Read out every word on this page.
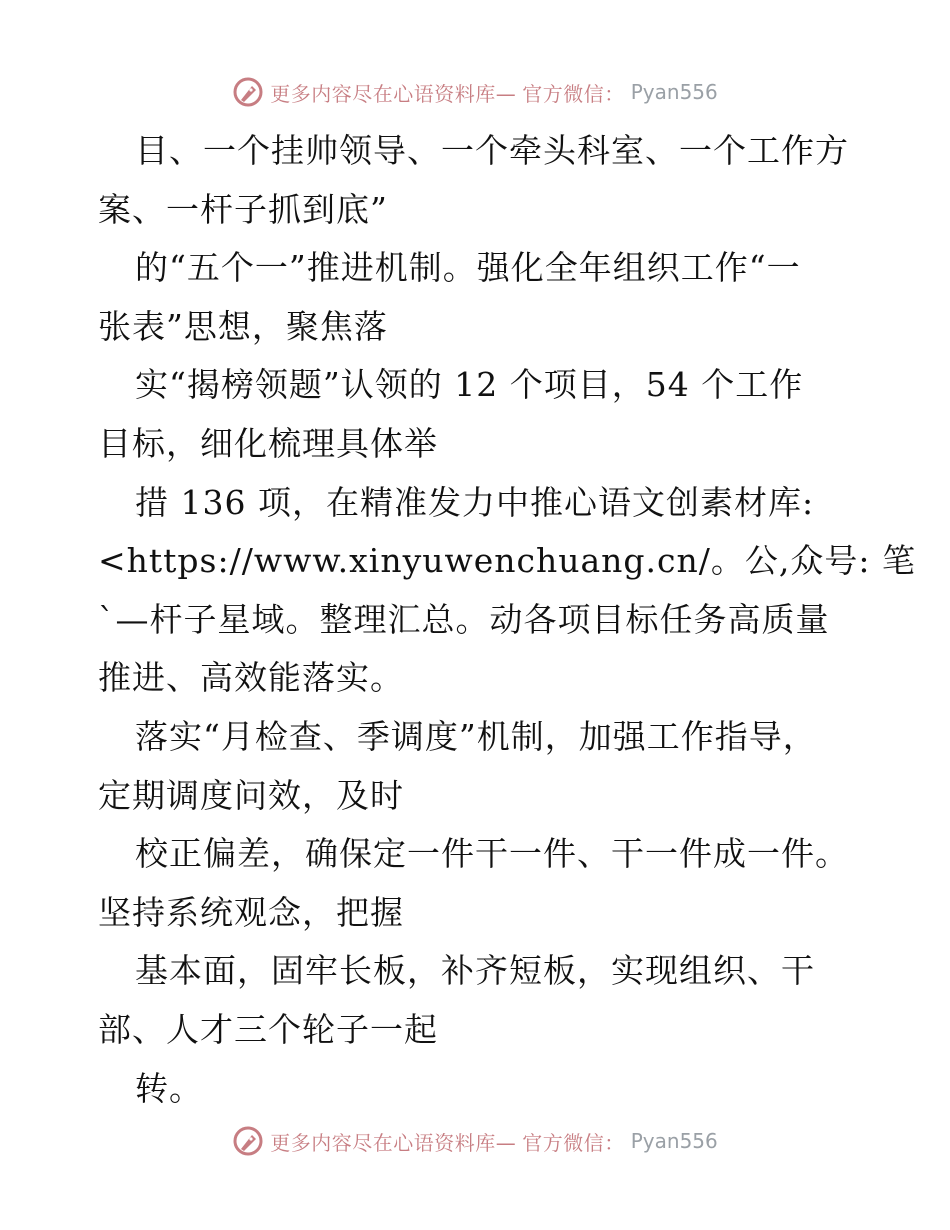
更多内容尽在心语资料库— 官方微信： Pyan556
目、一个挂帅领导、一个牵头科室、一个工作方
案、一杆子抓到底”
的“五个一”推进机制。强化全年组织工作“一
张表”思想，聚焦落
实“揭榜领题”认领的 12 个项目，54 个工作
目标，细化梳理具体举
措 136 项，在精准发力中推心语文创素材库:
<https://www.xinyuwenchuang.cn/。公,众号: 笔
`—杆子星域。整理汇总。动各项目标任务高质量
推进、高效能落实。
落实“月检查、季调度”机制，加强工作指导，
定期调度问效，及时
校正偏差，确保定一件干一件、干一件成一件。
坚持系统观念，把握
基本面，固牢长板，补齐短板，实现组织、干
部、人才三个轮子一起
转。
更多内容尽在心语资料库— 官方微信： Pyan556
